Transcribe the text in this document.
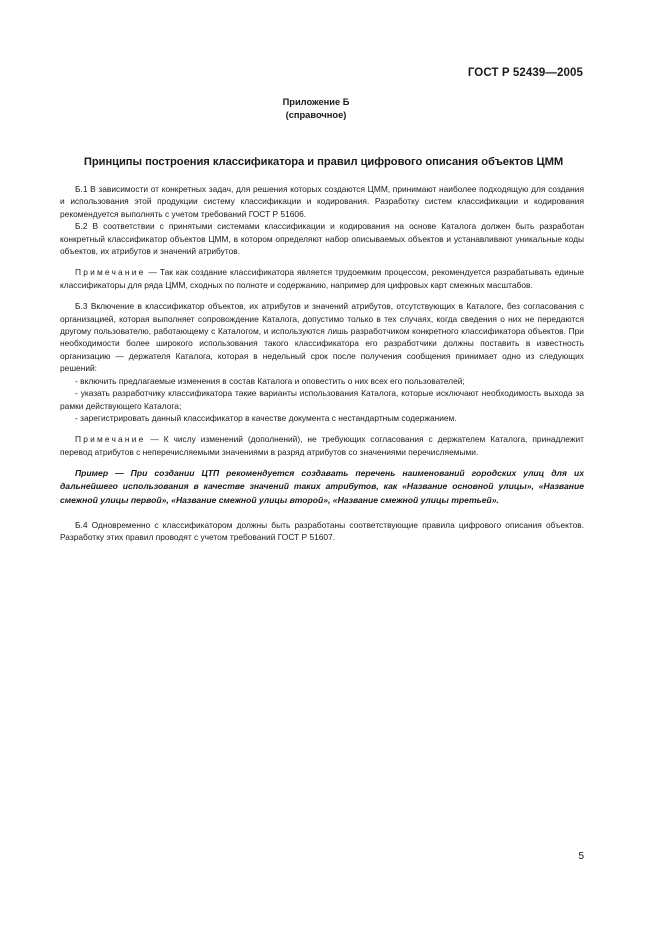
ГОСТ Р 52439—2005
Приложение Б
(справочное)
Принципы построения классификатора и правил цифрового описания объектов ЦММ

Б.1 В зависимости от конкретных задач, для решения которых создаются ЦММ, принимают наиболее подходящую для создания и использования этой продукции систему классификации и кодирования. Разработку систем классификации и кодирования рекомендуется выполнять с учетом требований ГОСТ Р 51606.

Б.2 В соответствии с принятыми системами классификации и кодирования на основе Каталога должен быть разработан конкретный классификатор объектов ЦММ, в котором определяют набор описываемых объектов и устанавливают уникальные коды объектов, их атрибутов и значений атрибутов.

Примечание — Так как создание классификатора является трудоемким процессом, рекомендуется разрабатывать единые классификаторы для ряда ЦММ, сходных по полноте и содержанию, например для цифровых карт смежных масштабов.

Б.3 Включение в классификатор объектов, их атрибутов и значений атрибутов, отсутствующих в Каталоге, без согласования с организацией, которая выполняет сопровождение Каталога, допустимо только в тех случаях, когда сведения о них не передаются другому пользователю, работающему с Каталогом, и используются лишь разработчиком конкретного классификатора объектов. При необходимости более широкого использования такого классификатора его разработчики должны поставить в известность организацию — держателя Каталога, которая в недельный срок после получения сообщения принимает одно из следующих решений:

- включить предлагаемые изменения в состав Каталога и оповестить о них всех его пользователей;

- указать разработчику классификатора такие варианты использования Каталога, которые исключают необходимость выхода за рамки действующего Каталога;

- зарегистрировать данный классификатор в качестве документа с нестандартным содержанием.

Примечание — К числу изменений (дополнений), не требующих согласования с держателем Каталога, принадлежит перевод атрибутов с неперечисляемыми значениями в разряд атрибутов со значениями перечисляемыми.

Пример — При создании ЦТП рекомендуется создавать перечень наименований городских улиц для их дальнейшего использования в качестве значений таких атрибутов, как «Название основной улицы», «Название смежной улицы первой», «Название смежной улицы второй», «Название смежной улицы третьей».

Б.4 Одновременно с классификатором должны быть разработаны соответствующие правила цифрового описания объектов. Разработку этих правил проводят с учетом требований ГОСТ Р 51607.

5
